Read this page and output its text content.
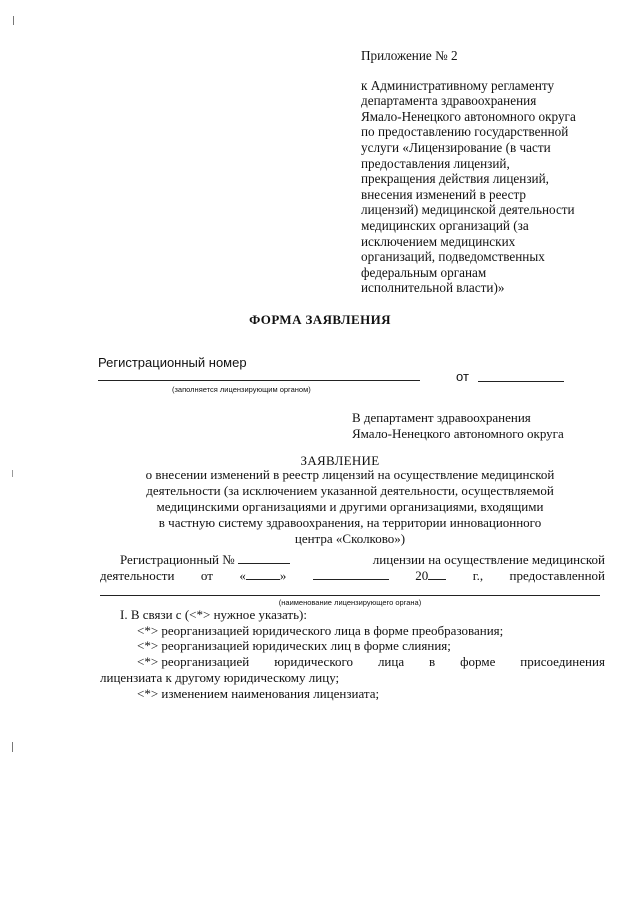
Приложение № 2
к Административному регламенту
департамента здравоохранения
Ямало-Ненецкого автономного округа
по предоставлению государственной
услуги «Лицензирование (в части
предоставления лицензий,
прекращения действия лицензий,
внесения изменений в реестр
лицензий) медицинской деятельности
медицинских организаций (за
исключением медицинских
организаций, подведомственных
федеральным органам
исполнительной власти)»
ФОРМА ЗАЯВЛЕНИЯ
Регистрационный номер
от
(заполняется лицензирующим органом)
В департамент здравоохранения
Ямало-Ненецкого автономного округа
ЗАЯВЛЕНИЕ
о внесении изменений в реестр лицензий на осуществление медицинской
деятельности (за исключением указанной деятельности, осуществляемой
медицинскими организациями и другими организациями, входящими
в частную систему здравоохранения, на территории инновационного
центра «Сколково»)
Регистрационный №	лицензии на осуществление медицинской
деятельности от «	»	20	г., предоставленной
(наименование лицензирующего органа)
I. В связи с (<*> нужное указать):
<*> реорганизацией юридического лица в форме преобразования;
<*> реорганизацией юридических лиц в форме слияния;
<*> реорганизацией юридического лица в форме присоединения
лицензиата к другому юридическому лицу;
<*> изменением наименования лицензиата;
